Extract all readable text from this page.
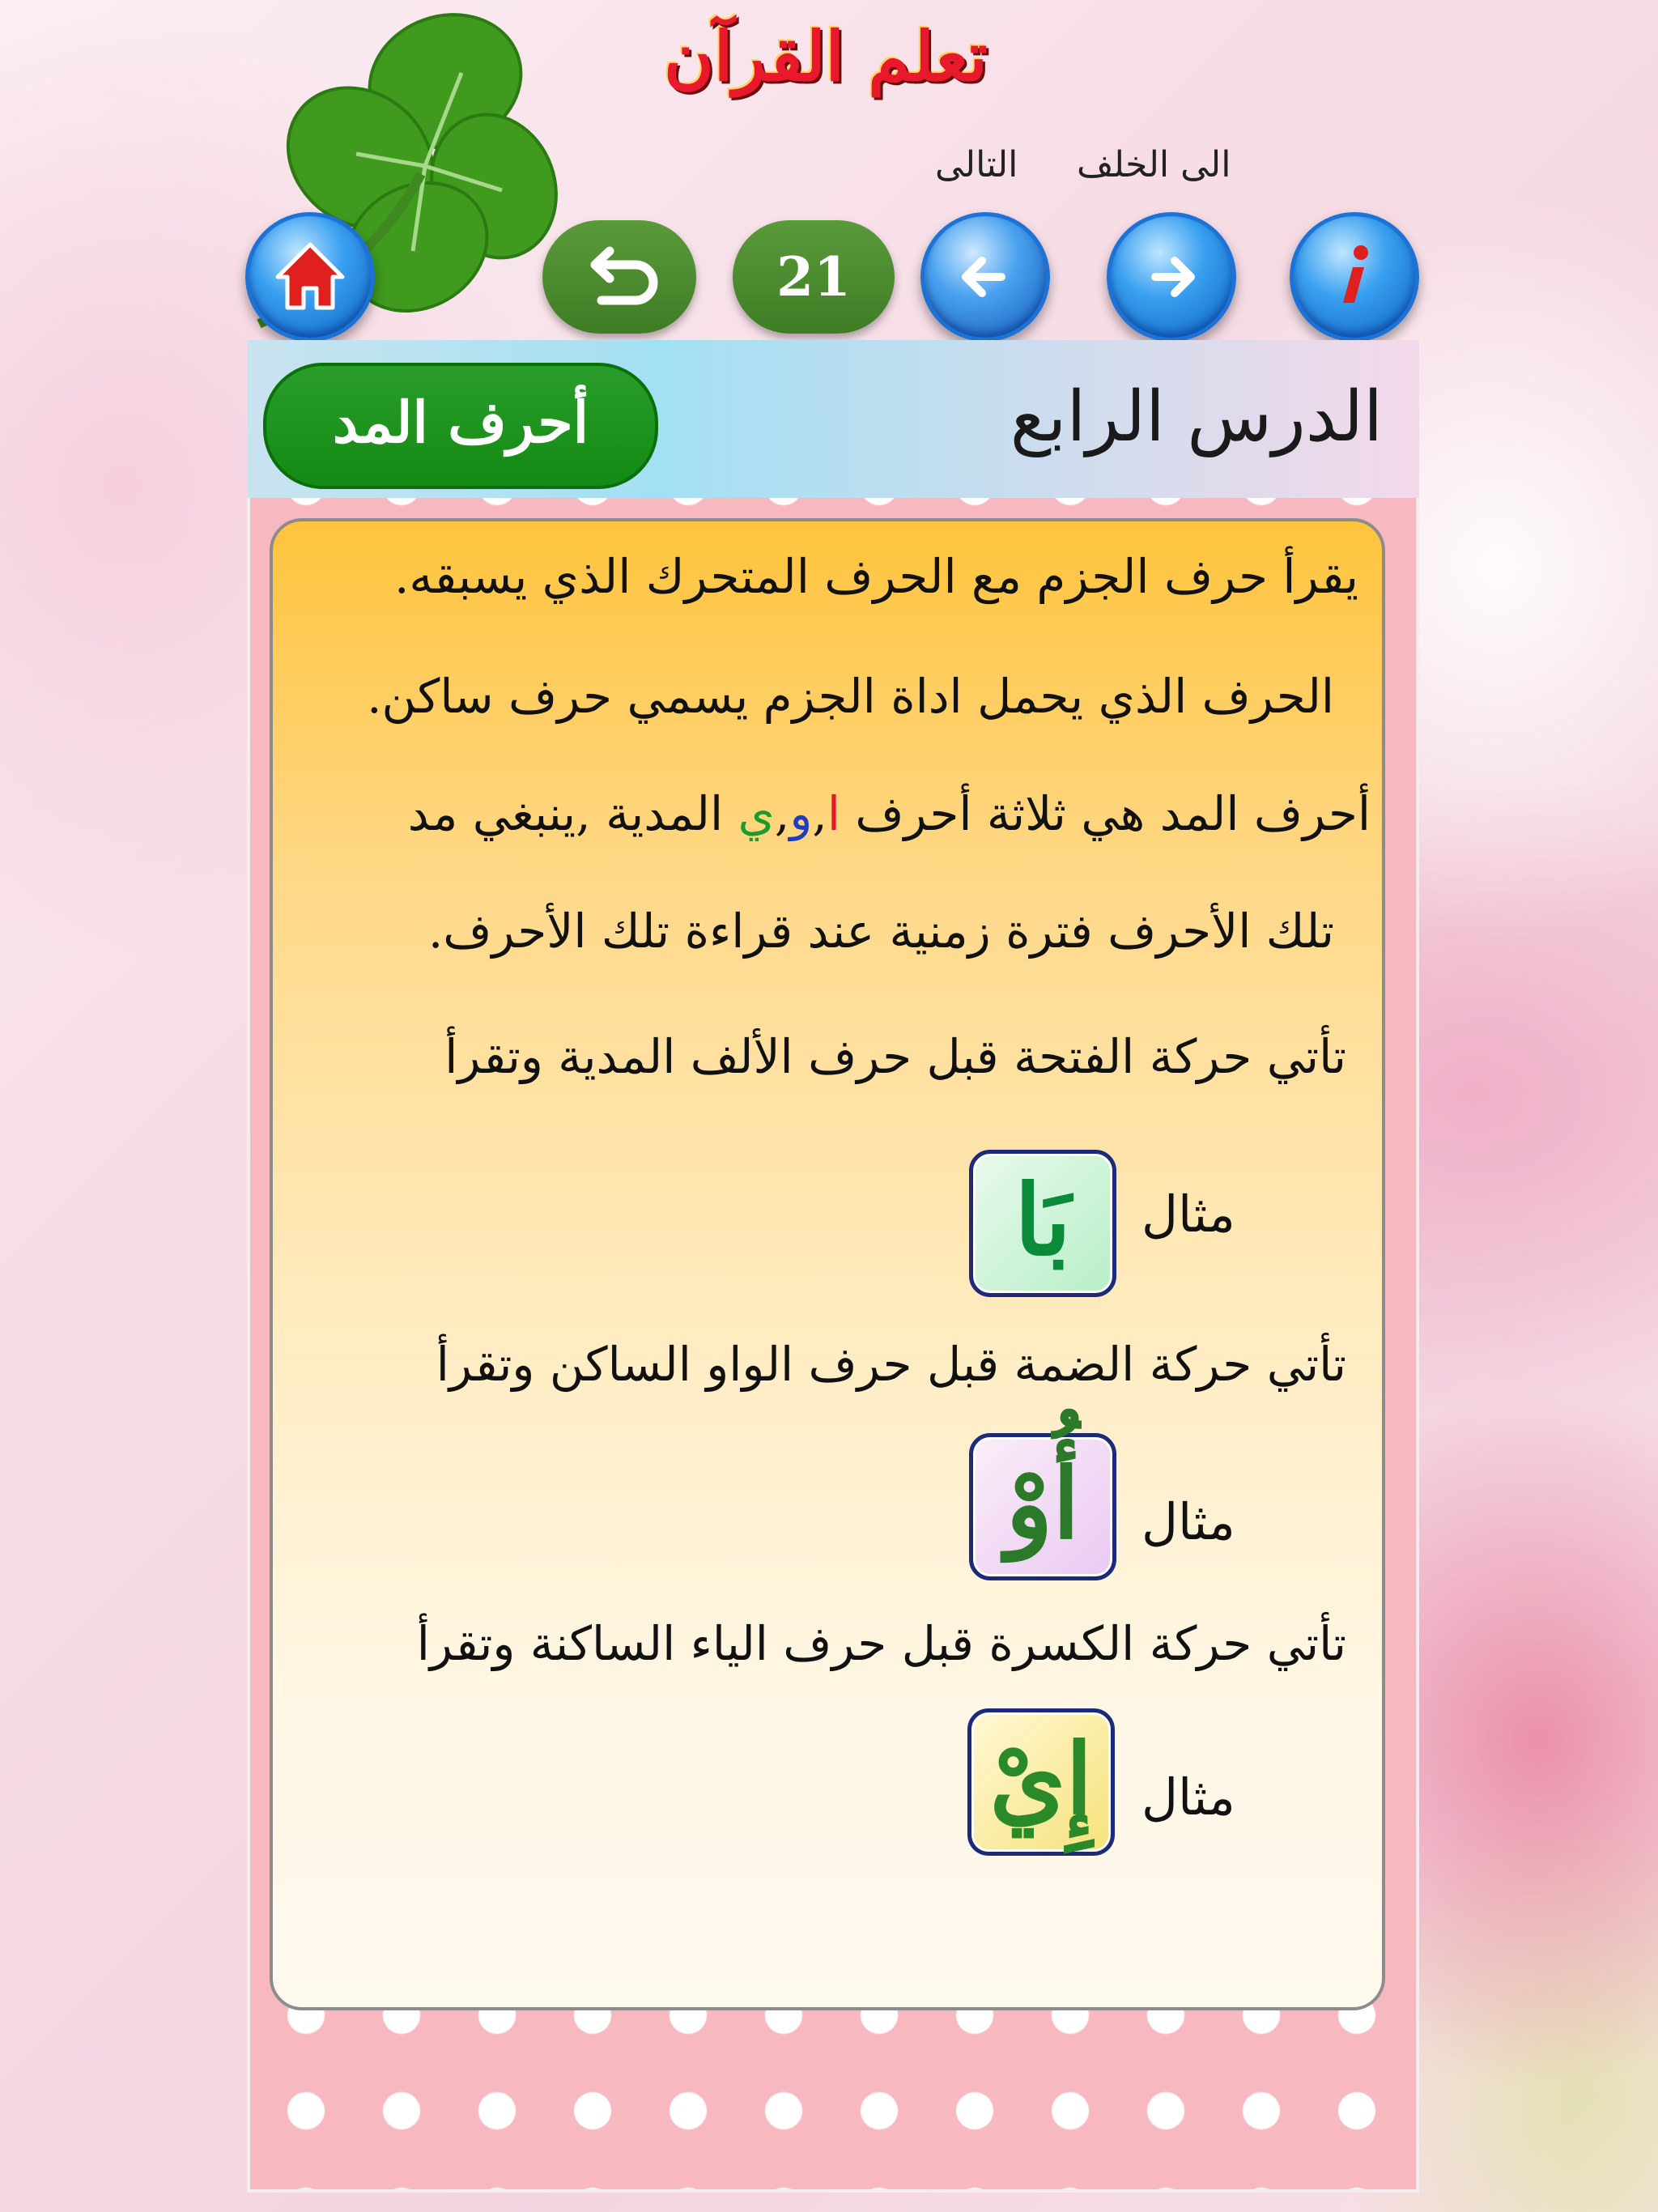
تعلم القرآن
الى الخلف
التالى
21
الدرس الرابع
أحرف المد
يقرأ حرف الجزم مع الحرف المتحرك الذي يسبقه.
الحرف الذي يحمل اداة الجزم يسمي حرف ساكن.
أحرف المد هي ثلاثة أحرف ا,و,ي المدية ,ينبغي مد
تلك الأحرف فترة زمنية عند قراءة تلك الأحرف.
تأتي حركة الفتحة قبل حرف الألف المدية وتقرأ
مثال
بَا
تأتي حركة الضمة قبل حرف الواو الساكن وتقرأ
مثال
أُوْ
تأتي حركة الكسرة قبل حرف الياء الساكنة وتقرأ
مثال
إِيْ
